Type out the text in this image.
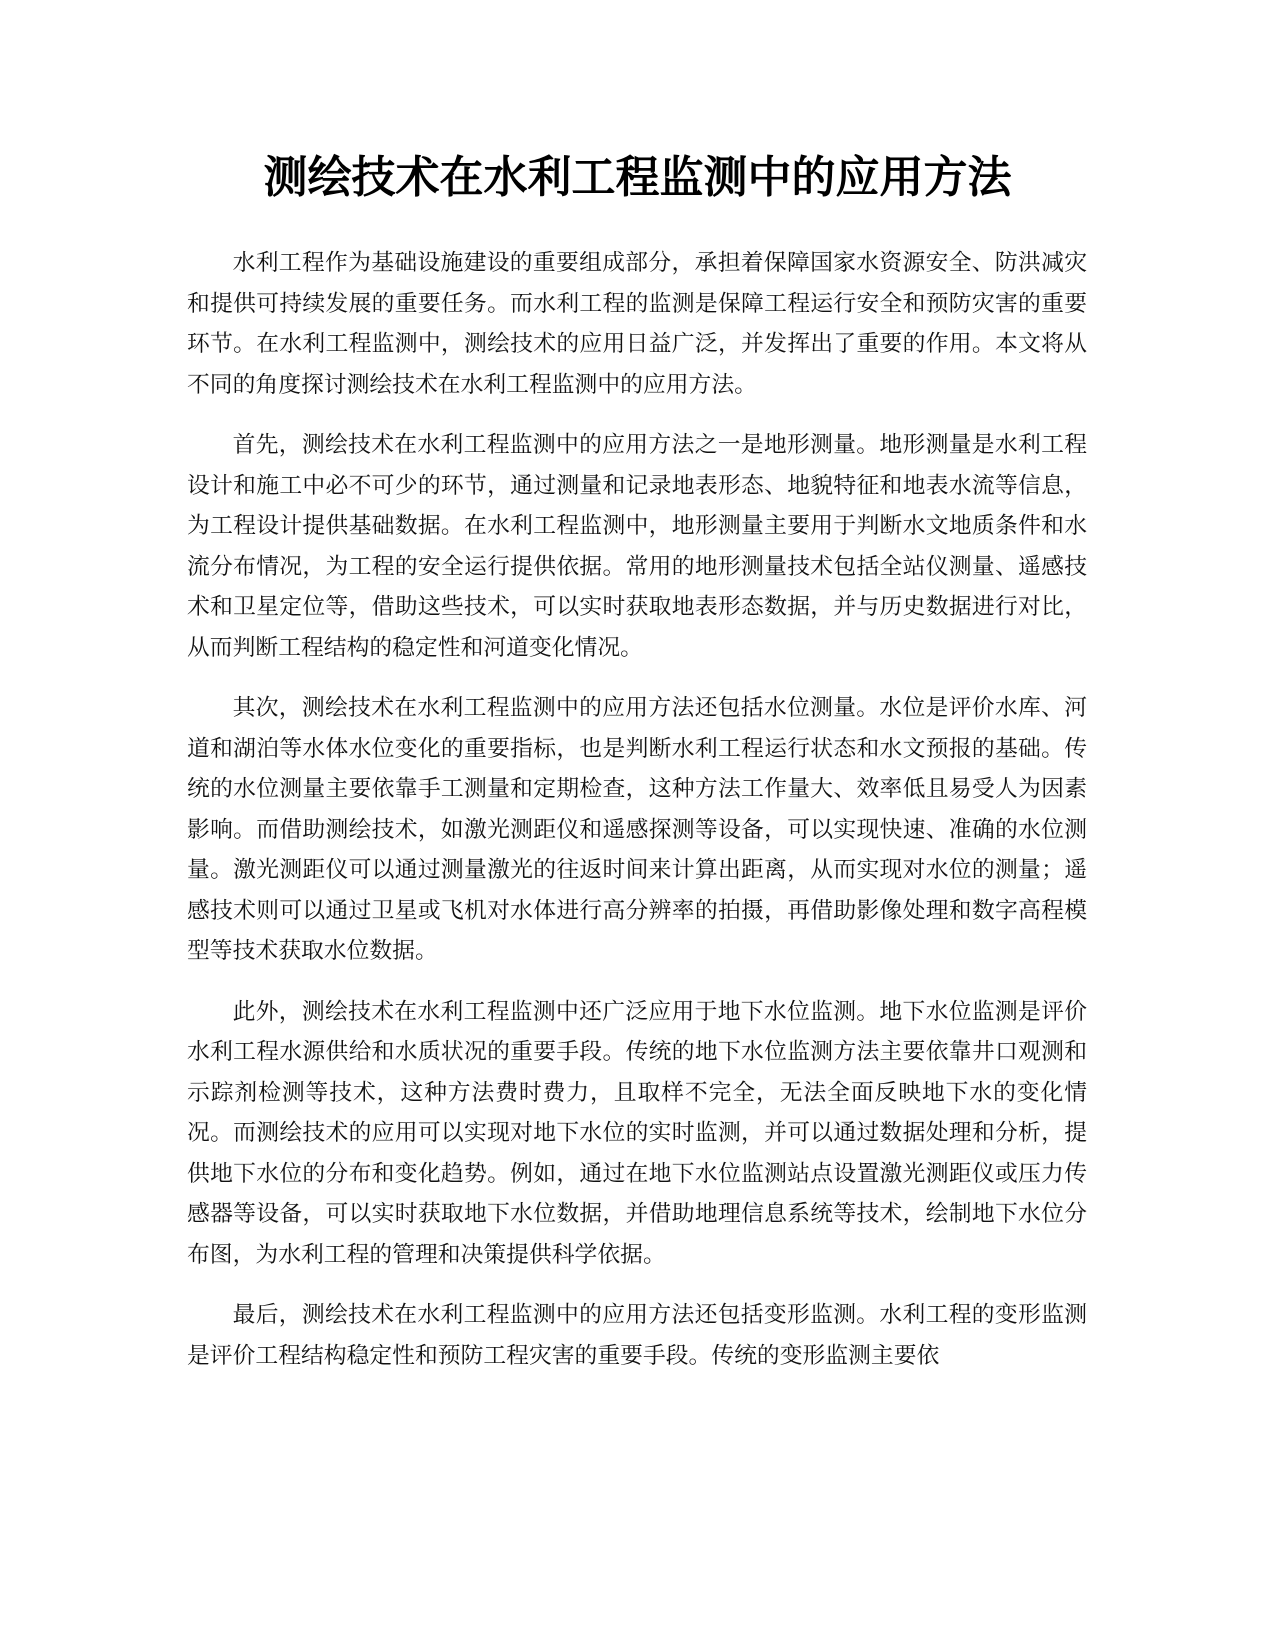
测绘技术在水利工程监测中的应用方法

水利工程作为基础设施建设的重要组成部分，承担着保障国家水资源安全、防洪减灾和提供可持续发展的重要任务。而水利工程的监测是保障工程运行安全和预防灾害的重要环节。在水利工程监测中，测绘技术的应用日益广泛，并发挥出了重要的作用。本文将从不同的角度探讨测绘技术在水利工程监测中的应用方法。

首先，测绘技术在水利工程监测中的应用方法之一是地形测量。地形测量是水利工程设计和施工中必不可少的环节，通过测量和记录地表形态、地貌特征和地表水流等信息，为工程设计提供基础数据。在水利工程监测中，地形测量主要用于判断水文地质条件和水流分布情况，为工程的安全运行提供依据。常用的地形测量技术包括全站仪测量、遥感技术和卫星定位等，借助这些技术，可以实时获取地表形态数据，并与历史数据进行对比，从而判断工程结构的稳定性和河道变化情况。

其次，测绘技术在水利工程监测中的应用方法还包括水位测量。水位是评价水库、河道和湖泊等水体水位变化的重要指标，也是判断水利工程运行状态和水文预报的基础。传统的水位测量主要依靠手工测量和定期检查，这种方法工作量大、效率低且易受人为因素影响。而借助测绘技术，如激光测距仪和遥感探测等设备，可以实现快速、准确的水位测量。激光测距仪可以通过测量激光的往返时间来计算出距离，从而实现对水位的测量；遥感技术则可以通过卫星或飞机对水体进行高分辨率的拍摄，再借助影像处理和数字高程模型等技术获取水位数据。

此外，测绘技术在水利工程监测中还广泛应用于地下水位监测。地下水位监测是评价水利工程水源供给和水质状况的重要手段。传统的地下水位监测方法主要依靠井口观测和示踪剂检测等技术，这种方法费时费力，且取样不完全，无法全面反映地下水的变化情况。而测绘技术的应用可以实现对地下水位的实时监测，并可以通过数据处理和分析，提供地下水位的分布和变化趋势。例如，通过在地下水位监测站点设置激光测距仪或压力传感器等设备，可以实时获取地下水位数据，并借助地理信息系统等技术，绘制地下水位分布图，为水利工程的管理和决策提供科学依据。

最后，测绘技术在水利工程监测中的应用方法还包括变形监测。水利工程的变形监测是评价工程结构稳定性和预防工程灾害的重要手段。传统的变形监测主要依
